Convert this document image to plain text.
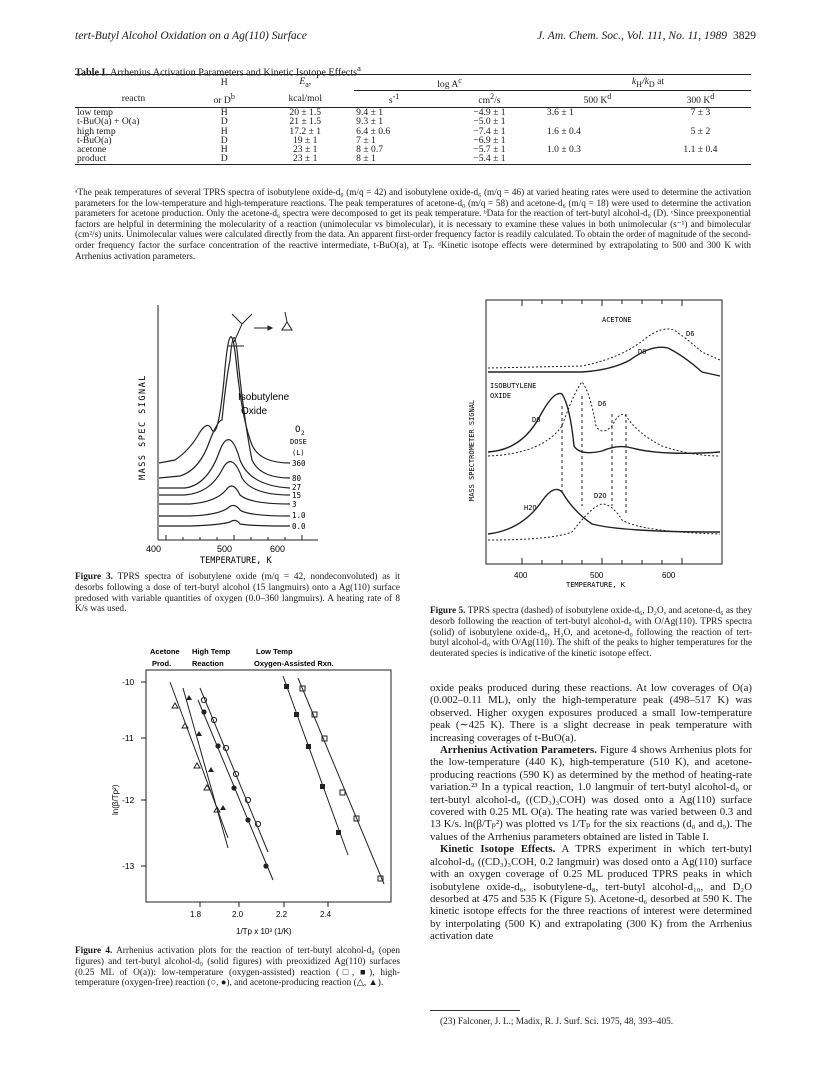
tert-Butyl Alcohol Oxidation on a Ag(110) Surface	J. Am. Chem. Soc., Vol. 111, No. 11, 1989 3829
Table I. Arrhenius Activation Parameters and Kinetic Isotope Effects$^a$
	H	$E_a$,	$\log A^c$		$k_H/k_D$ at	
reactn	or $D^b$	kcal/mol	$s^{-1}$	$cm^2/s$	500 $K^d$	300 $K^d$
low temp	H	20 ± 1.5	9.4 ± 1	−4.9 ± 1	3.6 ± 1	7 ± 3
t-BuO(a) + O(a)	D	21 ± 1.5	9.3 ± 1	−5.0 ± 1		
high temp	H	17.2 ± 1	6.4 ± 0.6	−7.4 ± 1	1.6 ± 0.4	5 ± 2
t-BuO(a)	D	19 ± 1	7 ± 1	−6.9 ± 1		
acetone	H	23 ± 1	8 ± 0.7	−5.7 ± 1	1.0 ± 0.3	1.1 ± 0.4
product	D	23 ± 1	8 ± 1	−5.4 ± 1		
ᵃThe peak temperatures of several TPRS spectra of isobutylene oxide-d₀ (m/q = 42) and isobutylene oxide-d₆ (m/q = 46) at varied heating rates were used to determine the activation parameters for the low-temperature and high-temperature reactions. The peak temperatures of acetone-d₀ (m/q = 58) and acetone-d₆ (m/q = 18) were used to determine the activation parameters for acetone production. Only the acetone-d₆ spectra were decomposed to get its peak temperature. ᵇData for the reaction of tert-butyl alcohol-d₉ (D). ᶜSince preexponential factors are helpful in determining the molecularity of a reaction (unimolecular vs bimolecular), it is necessary to examine these values in both unimolecular (s⁻¹) and bimolecular (cm²/s) units. Unimolecular values were calculated directly from the data. An apparent first-order frequency factor is readily calculated. To obtain the order of magnitude of the second-order frequency factor the surface concentration of the reactive intermediate, t-BuO(a), at Tₚ. ᵈKinetic isotope effects were determined by extrapolating to 500 and 300 K with Arrhenius activation parameters.
400	500	600
TEMPERATURE, K
MASS SPEC SIGNAL	Isobutylene
Oxide
O 2
DOSE
(L)
360
80
27
15
3
1.0
0.0
Figure 3. TPRS spectra of isobutylene oxide (m/q = 42, nondeconvoluted) as it desorbs following a dose of tert-butyl alcohol (15 langmuirs) onto a Ag(110) surface predosed with variable quantities of oxygen (0.0–360 langmuirs). A heating rate of 8 K/s was used.
-10
-11
-12
-13
1.8	2.0	2.2	2.4
1/Tp x 10³ (1/K)
ln(β/Tp²)
Acetone
Prod.
High Temp
Reaction
Low Temp
Oxygen-Assisted Rxn.
Figure 4. Arrhenius activation plots for the reaction of tert-butyl alcohol-d₀ (open figures) and tert-butyl alcohol-d₉ (solid figures) with preoxidized Ag(110) surfaces (0.25 ML of O(a)): low-temperature (oxygen-assisted) reaction (□, ■), high-temperature (oxygen-free) reaction (○, ●), and acetone-producing reaction (△, ▲).
400	500	600
TEMPERATURE, K
MASS SPECTROMETER SIGNAL
ACETONE
D6
D0
ISOBUTYLENE
OXIDE
D6
D0
H2O
D2O
Figure 5. TPRS spectra (dashed) of isobutylene oxide-d₆, D₂O, and acetone-d₆ as they desorb following the reaction of tert-butyl alcohol-d₉ with O/Ag(110). TPRS spectra (solid) of isobutylene oxide-d₀, H₂O, and acetone-d₀ following the reaction of tert-butyl alcohol-d₀ with O/Ag(110). The shift of the peaks to higher temperatures for the deuterated species is indicative of the kinetic isotope effect.

oxide peaks produced during these reactions. At low coverages of O(a) (0.002–0.11 ML), only the high-temperature peak (498–517 K) was observed. Higher oxygen exposures produced a small low-temperature peak (∼425 K). There is a slight decrease in peak temperature with increasing coverages of t-BuO(a).

Arrhenius Activation Parameters. Figure 4 shows Arrhenius plots for the low-temperature (440 K), high-temperature (510 K), and acetone-producing reactions (590 K) as determined by the method of heating-rate variation.²³ In a typical reaction, 1.0 langmuir of tert-butyl alcohol-d₀ or tert-butyl alcohol-d₉ ((CD₃)₃COH) was dosed onto a Ag(110) surface covered with 0.25 ML O(a). The heating rate was varied between 0.3 and 13 K/s. ln(β/Tₚ²) was plotted vs 1/Tₚ for the six reactions (d₀ and d₉). The values of the Arrhenius parameters obtained are listed in Table I.

Kinetic Isotope Effects. A TPRS experiment in which tert-butyl alcohol-d₉ ((CD₃)₃COH, 0.2 langmuir) was dosed onto a Ag(110) surface with an oxygen coverage of 0.25 ML produced TPRS peaks in which isobutylene oxide-d₆, isobutylene-d₈, tert-butyl alcohol-d₁₀, and D₂O desorbed at 475 and 535 K (Figure 5). Acetone-d₆ desorbed at 590 K. The kinetic isotope effects for the three reactions of interest were determined by interpolating (500 K) and extrapolating (300 K) from the Arrhenius activation date

(23) Falconer, J. L.; Madix, R. J. Surf. Sci. 1975, 48, 393–405.
